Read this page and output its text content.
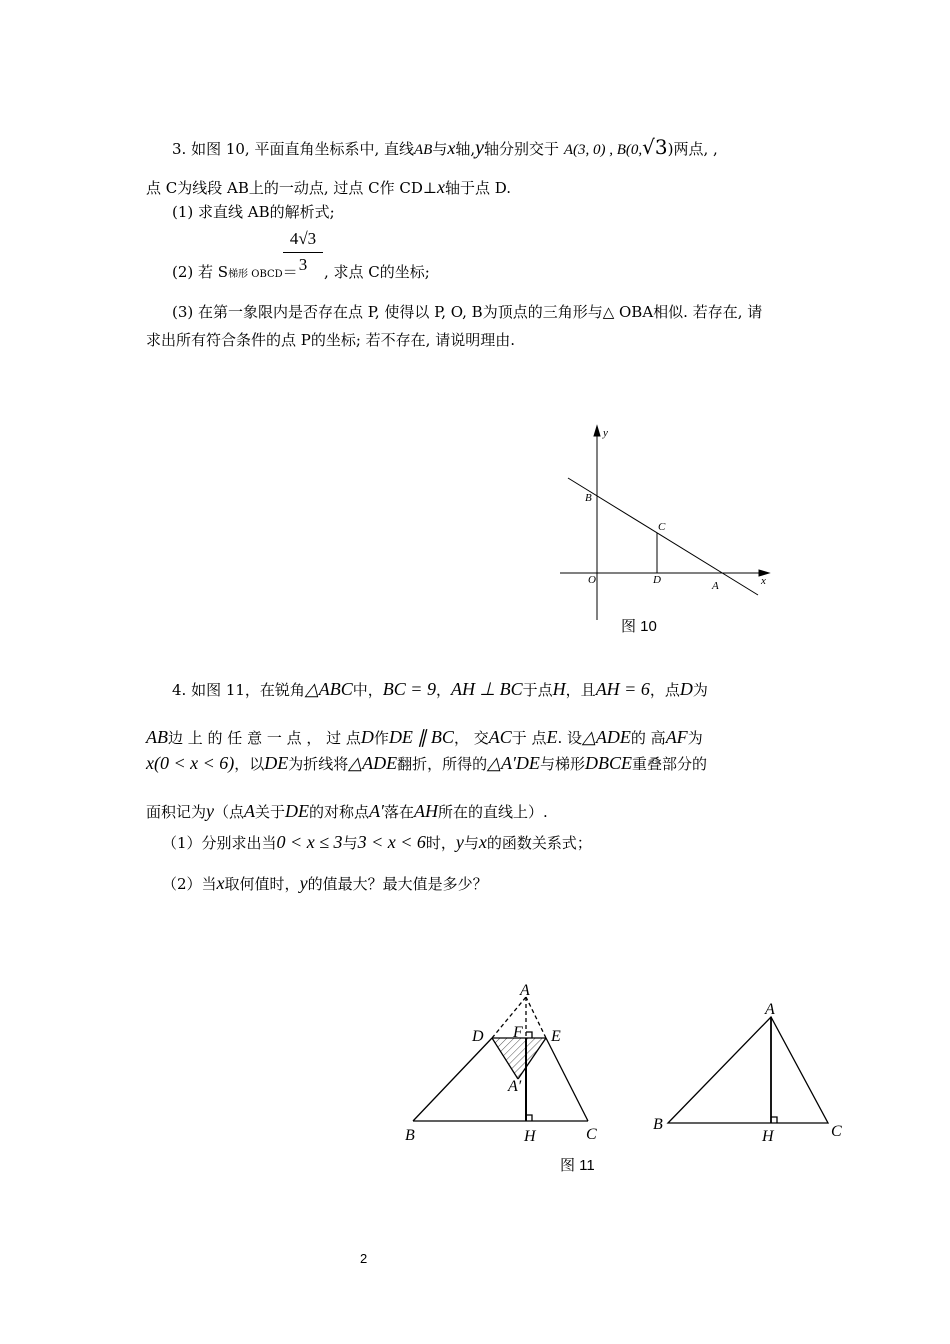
3. 如图 10, 平面直角坐标系中, 直线AB与x轴,y轴分别交于 A(3, 0) , B(0,√3)两点, ,
点 C为线段 AB上的一动点, 过点 C作 CD⊥x轴于点 D.
(1) 求直线 AB的解析式;
4√3
3
(2) 若 S梯形 OBCD＝ , 求点 C的坐标;
(3) 在第一象限内是否存在点 P, 使得以 P, O, B为顶点的三角形与△ OBA相似. 若存在, 请
求出所有符合条件的点 P的坐标; 若不存在, 请说明理由.
y
x
B
C
O	D	A
图 10
4. 如图 11，在锐角△ABC中，BC = 9，AH ⊥ BC于点H，且AH = 6，点D为
AB边 上 的 任 意 一 点 ， 过 点D作DE ∥ BC， 交AC于 点E. 设△ADE的 高AF为
x(0 < x < 6)，以DE为折线将△ADE翻折，所得的△A′DE与梯形DBCE重叠部分的
面积记为y（点A关于DE的对称点A′落在AH所在的直线上）.
（1）分别求出当0 < x ≤ 3与3 < x < 6时，y与x的函数关系式；
（2）当x取何值时，y的值最大？最大值是多少？
A
D F E
A′
B	H	C
A
B
H	C
图 11
2
